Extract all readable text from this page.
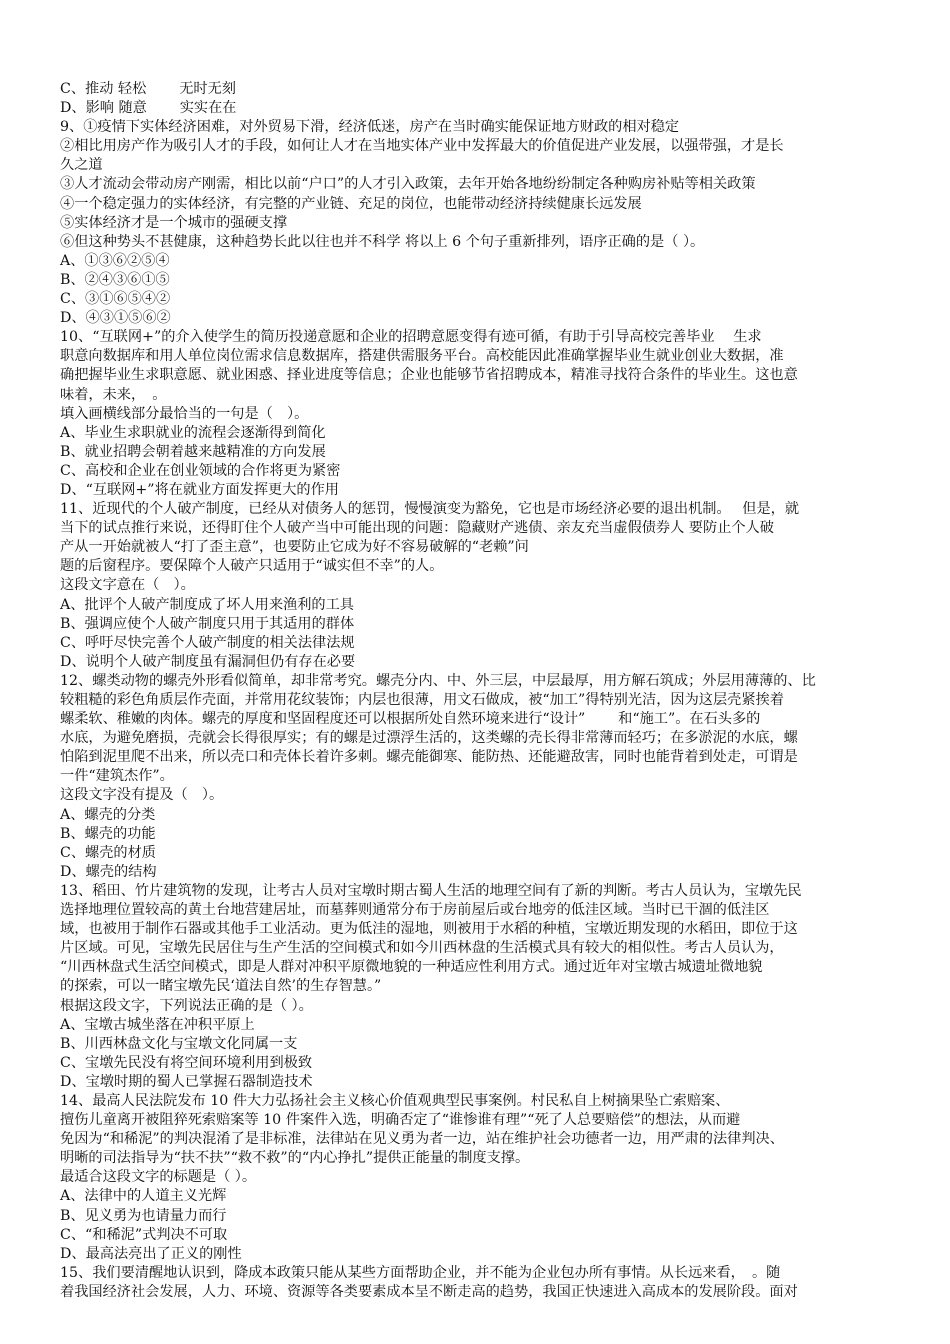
C、推动 轻松　　 无时无刻
D、影响 随意　　 实实在在
9、①疫情下实体经济困难，对外贸易下滑，经济低迷，房产在当时确实能保证地方财政的相对稳定
②相比用房产作为吸引人才的手段，如何让人才在当地实体产业中发挥最大的价值促进产业发展，以强带强，才是长
久之道
③人才流动会带动房产刚需，相比以前“户口”的人才引入政策，去年开始各地纷纷制定各种购房补贴等相关政策
④一个稳定强力的实体经济，有完整的产业链、充足的岗位，也能带动经济持续健康长远发展
⑤实体经济才是一个城市的强硬支撑
⑥但这种势头不甚健康，这种趋势长此以往也并不科学 将以上 6 个句子重新排列，语序正确的是（ ）。
A、①③⑥②⑤④
B、②④③⑥①⑤
C、③①⑥⑤④②
D、④③①⑤⑥②
10、“互联网+”的介入使学生的简历投递意愿和企业的招聘意愿变得有迹可循，有助于引导高校完善毕业　 生求
职意向数据库和用人单位岗位需求信息数据库，搭建供需服务平台。高校能因此准确掌握毕业生就业创业大数据，准
确把握毕业生求职意愿、就业困惑、择业进度等信息；企业也能够节省招聘成本，精准寻找符合条件的毕业生。这也意
味着，未来，　。
填入画横线部分最恰当的一句是（　）。
A、毕业生求职就业的流程会逐渐得到简化
B、就业招聘会朝着越来越精准的方向发展
C、高校和企业在创业领域的合作将更为紧密
D、“互联网+”将在就业方面发挥更大的作用
11、近现代的个人破产制度，已经从对债务人的惩罚，慢慢演变为豁免，它也是市场经济必要的退出机制。　 但是，就
当下的试点推行来说，还得盯住个人破产当中可能出现的问题：隐藏财产逃债、亲友充当虚假债券人 要防止个人破
产从一开始就被人“打了歪主意”，也要防止它成为好不容易破解的“老赖”问
题的后窗程序。要保障个人破产只适用于“诚实但不幸”的人。
这段文字意在（　）。
A、批评个人破产制度成了坏人用来渔利的工具
B、强调应使个人破产制度只用于其适用的群体
C、呼吁尽快完善个人破产制度的相关法律法规
D、说明个人破产制度虽有漏洞但仍有存在必要
12、螺类动物的螺壳外形看似简单，却非常考究。螺壳分内、中、外三层，中层最厚，用方解石筑成；外层用薄薄的、比
较粗糙的彩色角质层作壳面，并常用花纹装饰；内层也很薄，用文石做成，被“加工”得特别光洁，因为这层壳紧挨着
螺柔软、稚嫩的肉体。螺壳的厚度和坚固程度还可以根据所处自然环境来进行“设计”　　 和“施工”。在石头多的
水底，为避免磨损，壳就会长得很厚实；有的螺是过漂浮生活的，这类螺的壳长得非常薄而轻巧；在多淤泥的水底，螺
怕陷到泥里爬不出来，所以壳口和壳体长着许多刺。螺壳能御寒、能防热、还能避敌害，同时也能背着到处走，可谓是
一件“建筑杰作”。
这段文字没有提及（　）。
A、螺壳的分类
B、螺壳的功能
C、螺壳的材质
D、螺壳的结构
13、稻田、竹片建筑物的发现，让考古人员对宝墩时期古蜀人生活的地理空间有了新的判断。考古人员认为，宝墩先民
选择地理位置较高的黄土台地营建居址，而墓葬则通常分布于房前屋后或台地旁的低洼区域。当时已干涸的低洼区
域，也被用于制作石器或其他手工业活动。更为低洼的湿地，则被用于水稻的种植，宝墩近期发现的水稻田，即位于这
片区域。可见，宝墩先民居住与生产生活的空间模式和如今川西林盘的生活模式具有较大的相似性。考古人员认为，
“川西林盘式生活空间模式，即是人群对冲积平原微地貌的一种适应性利用方式。通过近年对宝墩古城遗址微地貌
的探索，可以一睹宝墩先民‘道法自然’的生存智慧。”
根据这段文字，下列说法正确的是（ ）。
A、宝墩古城坐落在冲积平原上
B、川西林盘文化与宝墩文化同属一支
C、宝墩先民没有将空间环境利用到极致
D、宝墩时期的蜀人已掌握石器制造技术
14、最高人民法院发布 10 件大力弘扬社会主义核心价值观典型民事案例。村民私自上树摘果坠亡索赔案、
擅伤儿童离开被阻猝死索赔案等 10 件案件入选，明确否定了“谁惨谁有理”“死了人总要赔偿”的想法，从而避
免因为“和稀泥”的判决混淆了是非标准，法律站在见义勇为者一边，站在维护社会功德者一边，用严肃的法律判决、
明晰的司法指导为“扶不扶”“救不救”的“内心挣扎”提供正能量的制度支撑。
最适合这段文字的标题是（ ）。
A、法律中的人道主义光辉
B、见义勇为也请量力而行
C、“和稀泥”式判决不可取
D、最高法亮出了正义的刚性
15、我们要清醒地认识到，降成本政策只能从某些方面帮助企业，并不能为企业包办所有事情。从长远来看，　。随
着我国经济社会发展，人力、环境、资源等各类要素成本呈不断走高的趋势，我国正快速进入高成本的发展阶段。面对
